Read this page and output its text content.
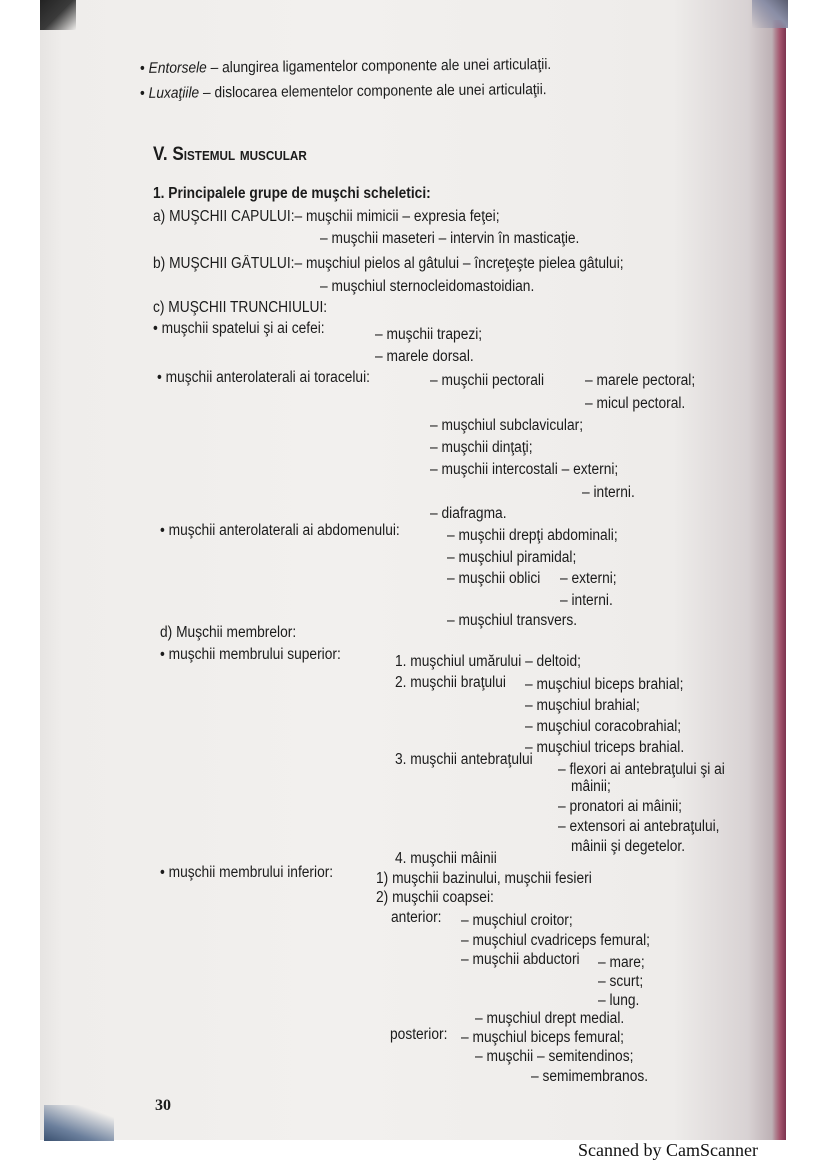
• Entorsele – alungirea ligamentelor componente ale unei articulaţii.
• Luxaţiile – dislocarea elementelor componente ale unei articulaţii.
V. Sistemul muscular
1. Principalele grupe de muşchi scheletici:
a) MUŞCHII CAPULUI:– muşchii mimicii – expresia feţei;
– muşchii maseteri – intervin în masticaţie.
b) MUŞCHII GÂTULUI:– muşchiul pielos al gâtului – încreţeşte pielea gâtului;
– muşchiul sternocleidomastoidian.
c) MUŞCHII TRUNCHIULUI:
• muşchii spatelui şi ai cefei:	– muşchii trapezi;
– marele dorsal.
• muşchii anterolaterali ai toracelui:	– muşchii pectorali	– marele pectoral;
– micul pectoral.
– muşchiul subclavicular;
– muşchii dinţaţi;
– muşchii intercostali – externi;
– interni.
– diafragma.
• muşchii anterolaterali ai abdomenului:	– muşchii drepţi abdominali;
– muşchiul piramidal;
– muşchii oblici – externi;
– interni.
– muşchiul transvers.
d) Muşchii membrelor:
• muşchii membrului superior:	1. muşchiul umărului – deltoid;
2. muşchii braţului – muşchiul biceps brahial;
– muşchiul brahial;
– muşchiul coracobrahial;
– muşchiul triceps brahial.
3. muşchii antebraţului
– flexori ai antebraţului şi ai
mâinii;
– pronatori ai mâinii;
– extensori ai antebraţului,
mâinii şi degetelor.
4. muşchii mâinii
• muşchii membrului inferior:	1) muşchii bazinului, muşchii fesieri
2) muşchii coapsei:
anterior: – muşchiul croitor;
– muşchiul cvadriceps femural;
– muşchii abductori – mare;
– scurt;
– lung.
– muşchiul drept medial.
posterior: – muşchiul biceps femural;
– muşchii – semitendinos;
– semimembranos.
30
Scanned by CamScanner
